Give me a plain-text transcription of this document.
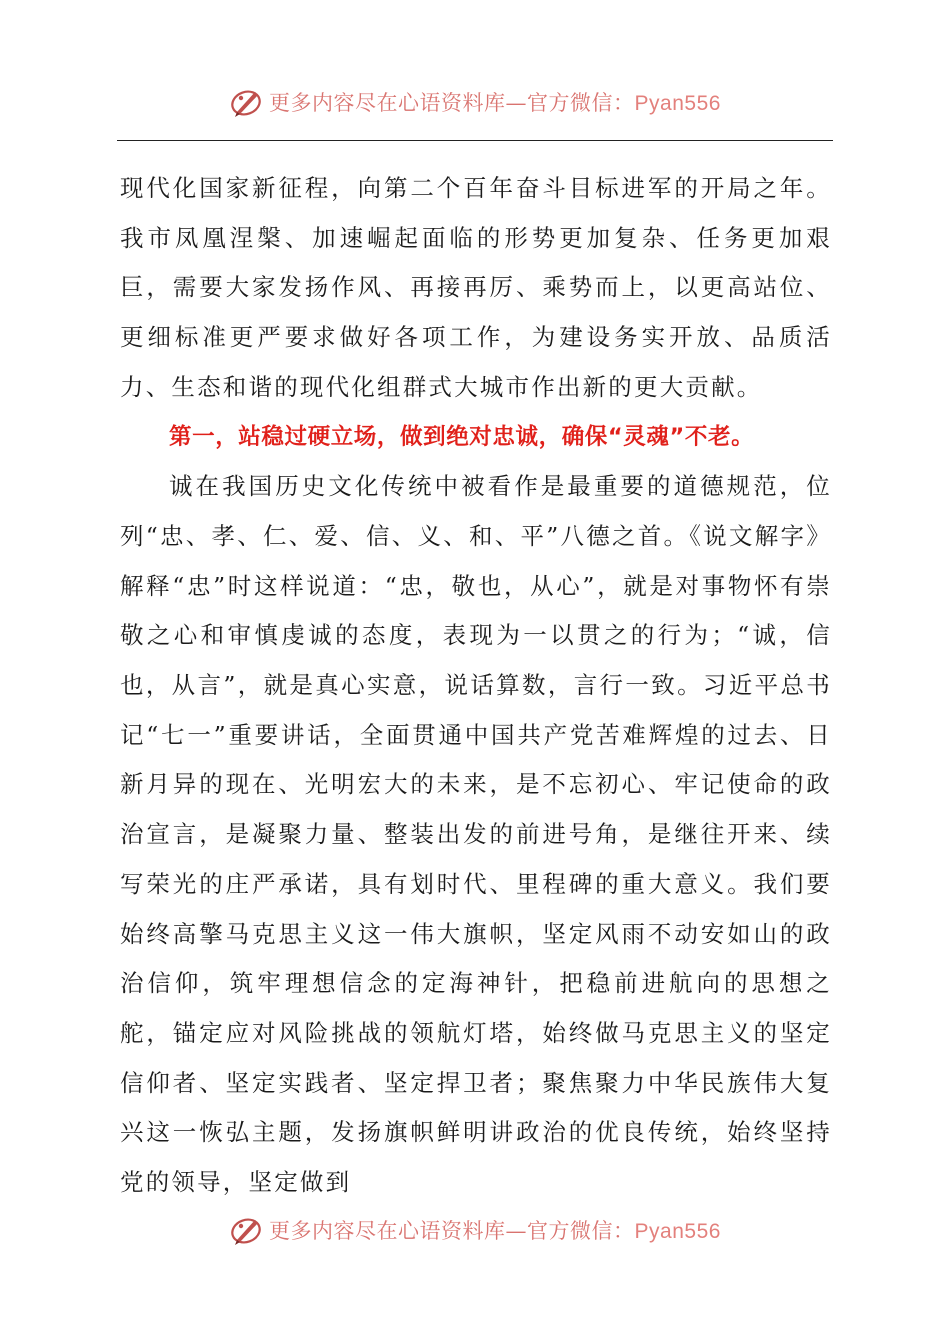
更多内容尽在心语资料库—官方微信：Pyan556

现代化国家新征程，向第二个百年奋斗目标进军的开局之年。我市凤凰涅槃、加速崛起面临的形势更加复杂、任务更加艰巨，需要大家发扬作风、再接再厉、乘势而上，以更高站位、更细标准更严要求做好各项工作，为建设务实开放、品质活力、生态和谐的现代化组群式大城市作出新的更大贡献。

第一，站稳过硬立场，做到绝对忠诚，确保“灵魂”不老。

诚在我国历史文化传统中被看作是最重要的道德规范，位列“忠、孝、仁、爱、信、义、和、平”八德之首。《说文解字》解释“忠”时这样说道：“忠，敬也，从心”，就是对事物怀有崇敬之心和审慎虔诚的态度，表现为一以贯之的行为；“诚，信也，从言”，就是真心实意，说话算数，言行一致。习近平总书记“七一”重要讲话，全面贯通中国共产党苦难辉煌的过去、日新月异的现在、光明宏大的未来，是不忘初心、牢记使命的政治宣言，是凝聚力量、整装出发的前进号角，是继往开来、续写荣光的庄严承诺，具有划时代、里程碑的重大意义。我们要始终高擎马克思主义这一伟大旗帜，坚定风雨不动安如山的政治信仰，筑牢理想信念的定海神针，把稳前进航向的思想之舵，锚定应对风险挑战的领航灯塔，始终做马克思主义的坚定信仰者、坚定实践者、坚定捍卫者；聚焦聚力中华民族伟大复兴这一恢弘主题，发扬旗帜鲜明讲政治的优良传统，始终坚持党的领导，坚定做到

更多内容尽在心语资料库—官方微信：Pyan556
